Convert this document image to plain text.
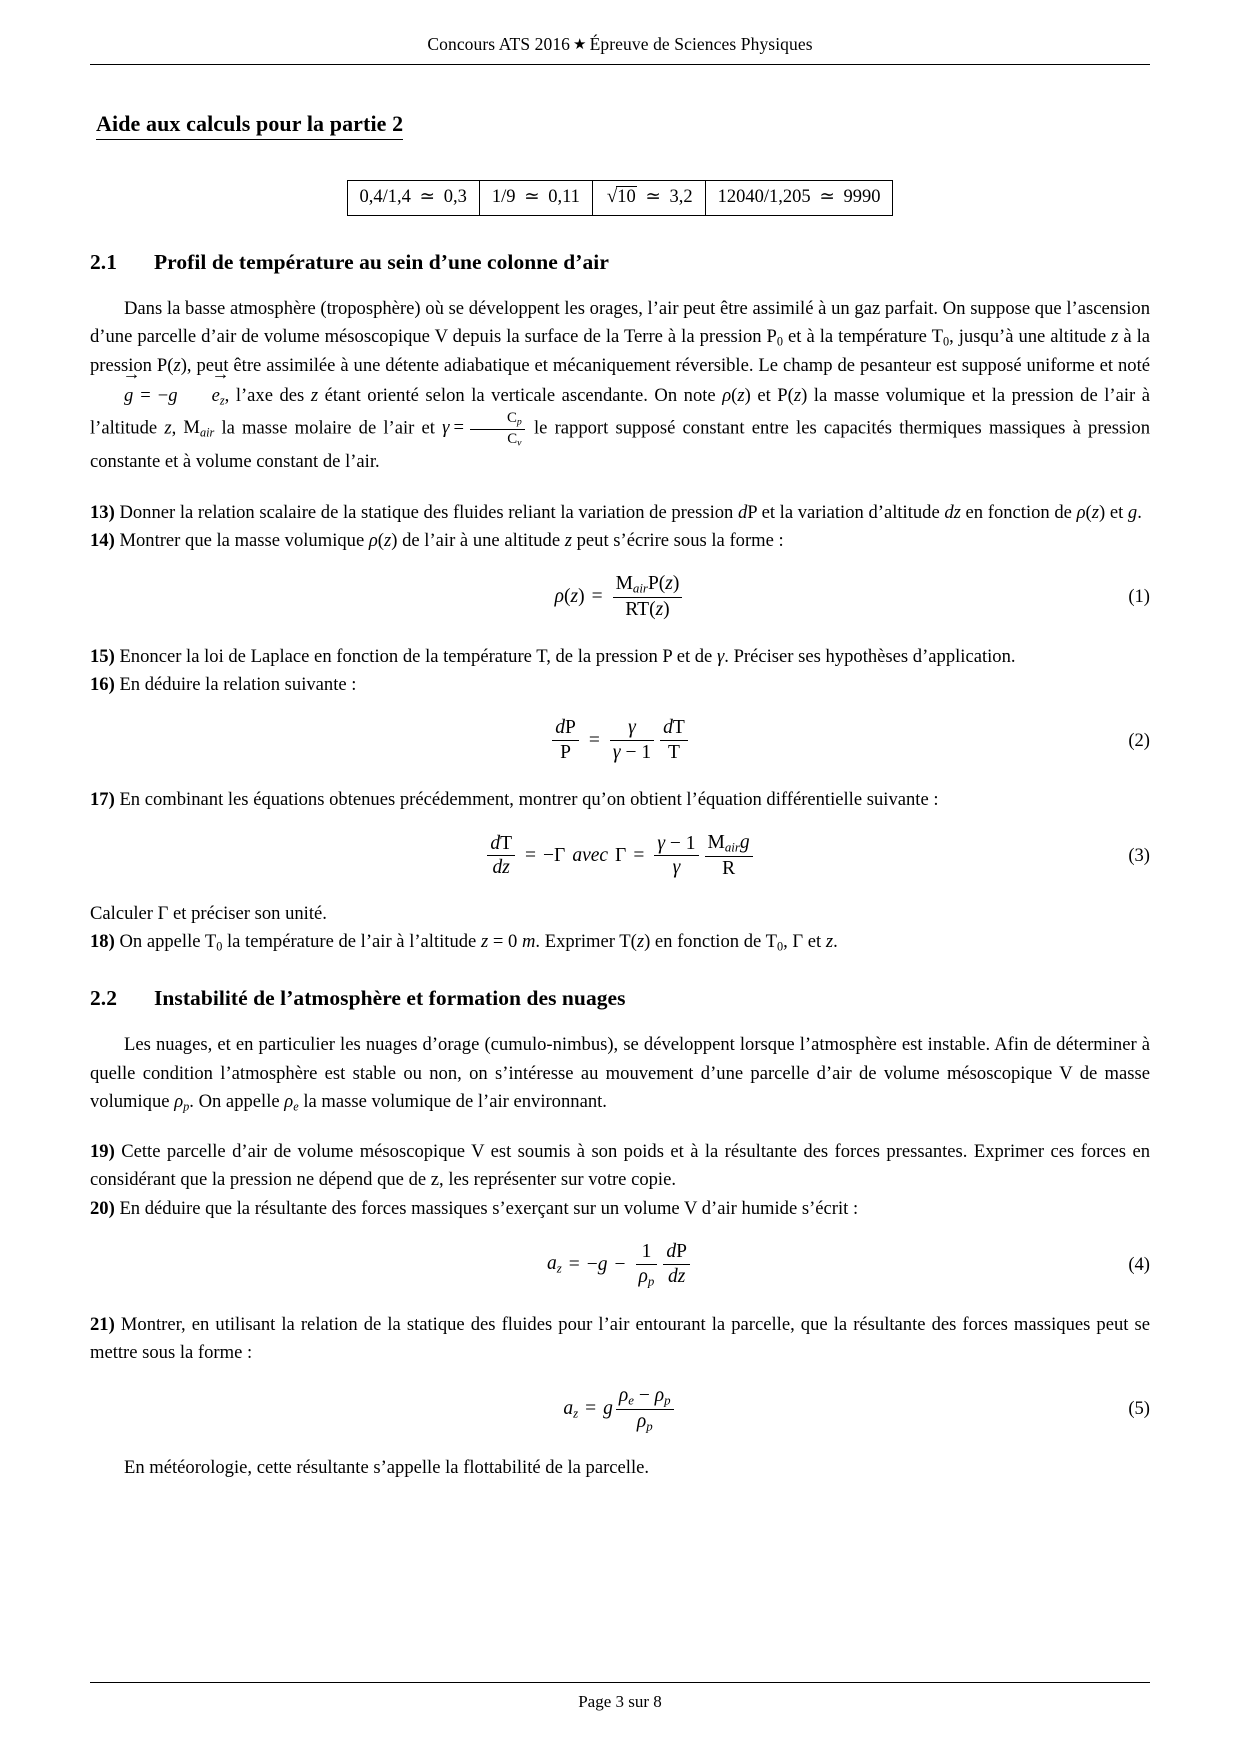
Concours ATS 2016 ★ Épreuve de Sciences Physiques
Aide aux calculs pour la partie 2
0,4/1,4 ≃ 0,3	1/9 ≃ 0,11	√10 ≃ 3,2	12040/1,205 ≃ 9990
2.1 Profil de température au sein d’une colonne d’air

Dans la basse atmosphère (troposphère) où se développent les orages, l’air peut être assimilé à un gaz parfait. On suppose que l’ascension d’une parcelle d’air de volume mésoscopique V depuis la surface de la Terre à la pression $P_0$ et à la température $T_0$, jusqu’à une altitude z à la pression P(z), peut être assimilée à une détente adiabatique et mécaniquement réversible. Le champ de pesanteur est supposé uniforme et noté → $g = -g \to e_z$, l’axe des z étant orienté selon la verticale ascendante. On note ρ(z) et P(z) la masse volumique et la pression de l’air à l’altitude z, $M_{air}$ la masse molaire de l’air et $\gamma = \frac{C_p}{C_v}$ le rapport supposé constant entre les capacités thermiques massiques à pression constante et à volume constant de l’air.

13) Donner la relation scalaire de la statique des fluides reliant la variation de pression dP et la variation d’altitude dz en fonction de ρ(z) et g.

14) Montrer que la masse volumique ρ(z) de l’air à une altitude z peut s’écrire sous la forme :

$\rho(z) = \frac{M_{air}P(z)}{RT(z)}$	(1)

15) Enoncer la loi de Laplace en fonction de la température T, de la pression P et de γ. Préciser ses hypothèses d’application.

16) En déduire la relation suivante :

$\frac{dP}{P} = \frac{\gamma}{\gamma - 1} \frac{dT}{T}$	(2)

17) En combinant les équations obtenues précédemment, montrer qu’on obtient l’équation différentielle suivante :

$\frac{dT}{dz}$ = − Γ avec $\Gamma = \frac{\gamma - 1}{\gamma} \frac{M_{air}g}{R}$	(3)

Calculer Γ et préciser son unité.

18) On appelle $T_0$ la température de l’air à l’altitude z = 0 m. Exprimer T(z) en fonction de $T_0$, Γ et z.

2.2 Instabilité de l’atmosphère et formation des nuages

Les nuages, et en particulier les nuages d’orage (cumulo-nimbus), se développent lorsque l’atmosphère est instable. Afin de déterminer à quelle condition l’atmosphère est stable ou non, on s’intéresse au mouvement d’une parcelle d’air de volume mésoscopique V de masse volumique $\rho_p$. On appelle $\rho_e$ la masse volumique de l’air environnant.

19) Cette parcelle d’air de volume mésoscopique V est soumis à son poids et à la résultante des forces pressantes. Exprimer ces forces en considérant que la pression ne dépend que de z, les représenter sur votre copie.

20) En déduire que la résultante des forces massiques s’exerçant sur un volume V d’air humide s’écrit :

$a_z$ = − $g - \frac{1}{\rho_p} \frac{dP}{dz}$	(4)

21) Montrer, en utilisant la relation de la statique des fluides pour l’air entourant la parcelle, que la résultante des forces massiques peut se mettre sous la forme :

$a_z = g \frac{\rho_e - \rho_p}{\rho_p}$	(5)

En météorologie, cette résultante s’appelle la flottabilité de la parcelle.

Page 3 sur 8
